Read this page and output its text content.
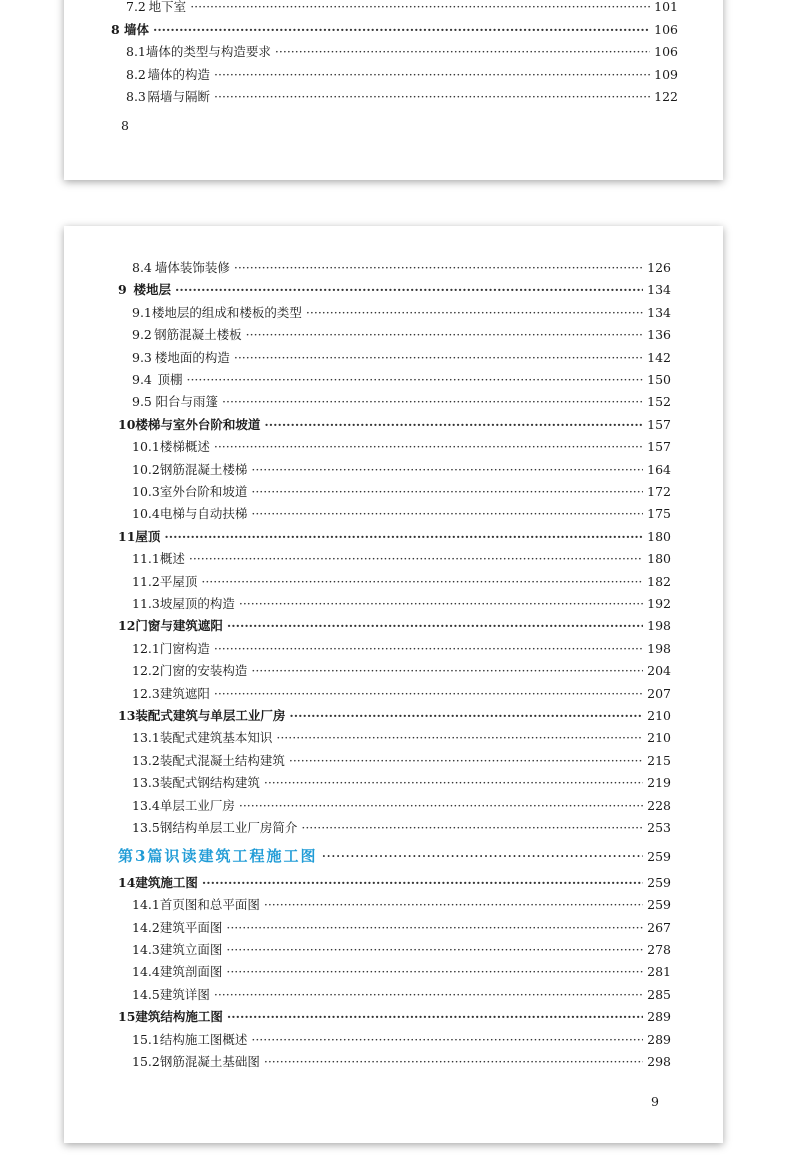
7.2 地下室 ·····	101
8 墙体 ·····	106
8.1 墙体的类型与构造要求 ·····	106
8.2 墙体的构造 ·····	109
8.3 隔墙与隔断 ·····	122
8
8.4 墙体装饰装修 ·····	126
9 楼地层 ·····	134
9.1 楼地层的组成和楼板的类型 ·····	134
9.2 钢筋混凝土楼板 ·····	136
9.3 楼地面的构造 ·····	142
9.4 顶棚 ·····	150
9.5 阳台与雨篷 ·····	152
10 楼梯与室外台阶和坡道 ·····	157
10.1 楼梯概述 ·····	157
10.2 钢筋混凝土楼梯 ·····	164
10.3 室外台阶和坡道 ·····	172
10.4 电梯与自动扶梯 ·····	175
11 屋顶 ·····	180
11.1 概述 ·····	180
11.2 平屋顶 ·····	182
11.3 坡屋顶的构造 ·····	192
12 门窗与建筑遮阳 ·····	198
12.1 门窗构造 ·····	198
12.2 门窗的安装构造 ·····	204
12.3 建筑遮阳 ·····	207
13 装配式建筑与单层工业厂房 ·····	210
13.1 装配式建筑基本知识 ·····	210
13.2 装配式混凝土结构建筑 ·····	215
13.3 装配式钢结构建筑 ·····	219
13.4 单层工业厂房 ·····	228
13.5 钢结构单层工业厂房简介 ·····	253
第3篇 识读建筑工程施工图 ·····	259
14 建筑施工图 ·····	259
14.1 首页图和总平面图 ·····	259
14.2 建筑平面图 ·····	267
14.3 建筑立面图 ·····	278
14.4 建筑剖面图 ·····	281
14.5 建筑详图 ·····	285
15 建筑结构施工图 ·····	289
15.1 结构施工图概述 ·····	289
15.2 钢筋混凝土基础图 ·····	298
9
